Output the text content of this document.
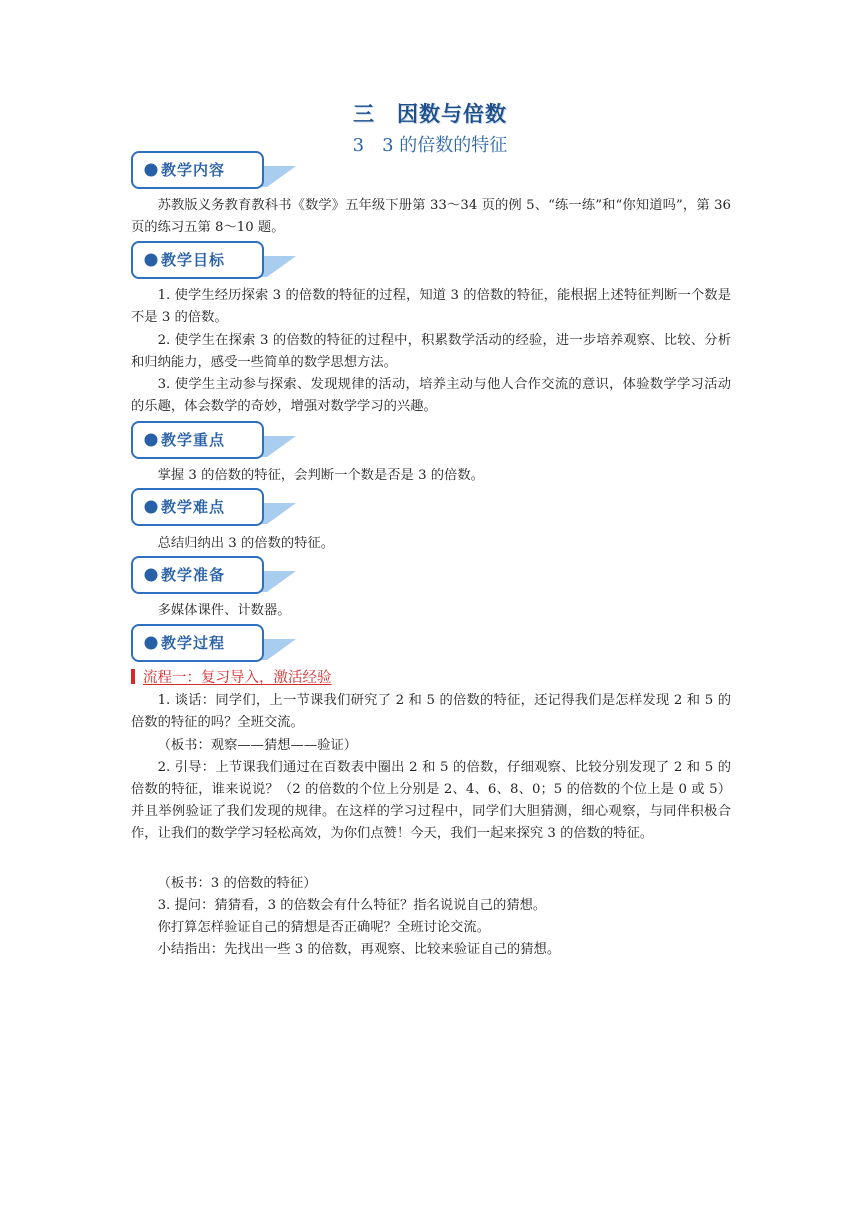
三　因数与倍数
3　3 的倍数的特征
教学内容

苏教版义务教育教科书《数学》五年级下册第 33～34 页的例 5、“练一练”和“你知道吗”，第 36 页的练习五第 8～10 题。

教学目标

1. 使学生经历探索 3 的倍数的特征的过程，知道 3 的倍数的特征，能根据上述特征判断一个数是不是 3 的倍数。

2. 使学生在探索 3 的倍数的特征的过程中，积累数学活动的经验，进一步培养观察、比较、分析和归纳能力，感受一些简单的数学思想方法。

3. 使学生主动参与探索、发现规律的活动，培养主动与他人合作交流的意识，体验数学学习活动的乐趣，体会数学的奇妙，增强对数学学习的兴趣。

教学重点

掌握 3 的倍数的特征，会判断一个数是否是 3 的倍数。

教学难点

总结归纳出 3 的倍数的特征。

教学准备

多媒体课件、计数器。

教学过程
流程一：复习导入，激活经验

1. 谈话：同学们，上一节课我们研究了 2 和 5 的倍数的特征，还记得我们是怎样发现 2 和 5 的倍数的特征的吗？全班交流。

（板书：观察——猜想——验证）

2. 引导：上节课我们通过在百数表中圈出 2 和 5 的倍数，仔细观察、比较分别发现了 2 和 5 的倍数的特征，谁来说说？（2 的倍数的个位上分别是 2、4、6、8、0；5 的倍数的个位上是 0 或 5）并且举例验证了我们发现的规律。在这样的学习过程中，同学们大胆猜测，细心观察，与同伴积极合作，让我们的数学学习轻松高效，为你们点赞！今天，我们一起来探究 3 的倍数的特征。

（板书：3 的倍数的特征）

3. 提问：猜猜看，3 的倍数会有什么特征？指名说说自己的猜想。

你打算怎样验证自己的猜想是否正确呢？全班讨论交流。

小结指出：先找出一些 3 的倍数，再观察、比较来验证自己的猜想。
